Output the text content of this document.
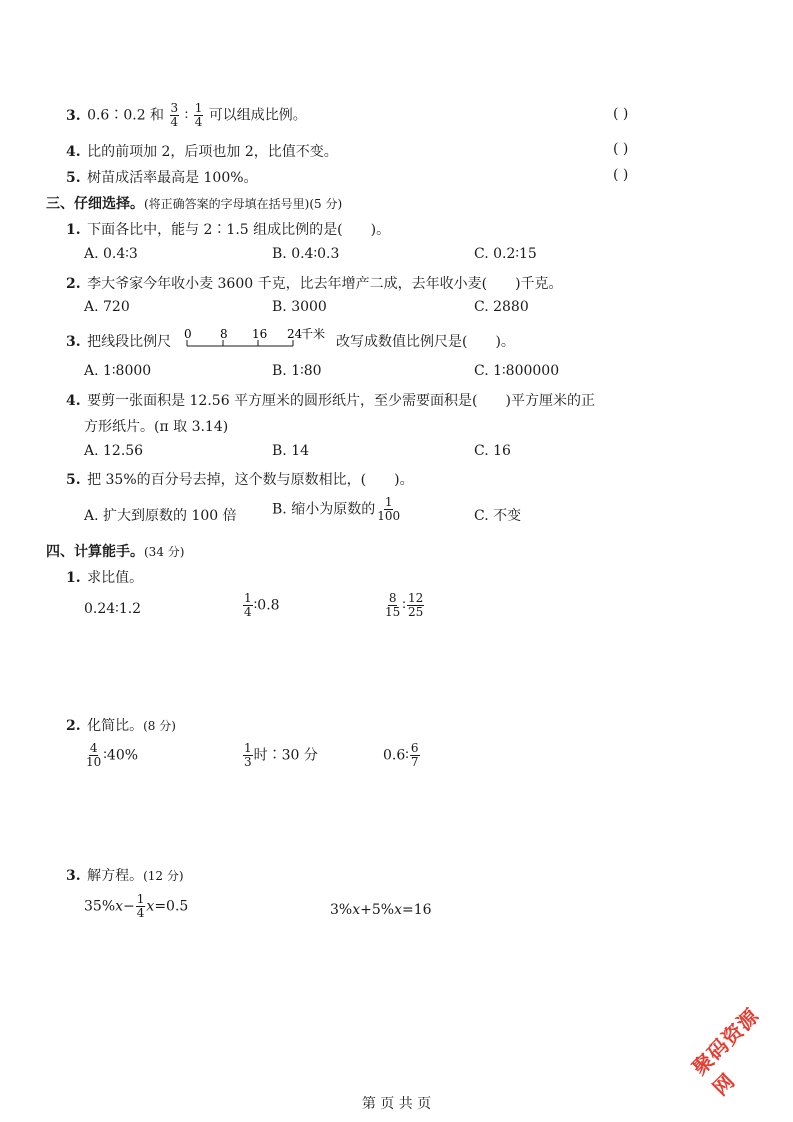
3. 0.6∶0.2 和 $\frac{3}{4}$ ∶ $\frac{1}{4}$ 可以组成比例。	( )
4. 比的前项加 2，后项也加 2，比值不变。	( )
5. 树苗成活率最高是 100%。	( )
三、仔细选择。(将正确答案的字母填在括号里)(5 分)
1. 下面各比中，能与 2∶1.5 组成比例的是(　　)。
A. 0.4∶3	B. 0.4∶0.3	C. 0.2∶15
2. 李大爷家今年收小麦 3600 千克，比去年增产二成，去年收小麦(　　)千克。
A. 720	B. 3000	C. 2880
3. 把线段比例尺 0 8 16 24
千米 改写成数值比例尺是(　　)。
A. 1∶8000	B. 1∶80	C. 1∶800000
4. 要剪一张面积是 12.56 平方厘米的圆形纸片，至少需要面积是(　　)平方厘米的正
方形纸片。(π 取 3.14)
A. 12.56	B. 14	C. 16
5. 把 35%的百分号去掉，这个数与原数相比，(　　)。
A. 扩大到原数的 100 倍	B. 缩小为原数的 $\frac{1}{100}$	C. 不变
四、计算能手。(34 分)
1. 求比值。
0.24∶1.2	$\frac{1}{4}$ ∶0.8	$\frac{8}{15}$ ∶ $\frac{12}{25}$
2. 化简比。(8 分)
$\frac{4}{10}$ ∶40%	$\frac{1}{3}$ 时∶30 分	0.6∶ $\frac{6}{7}$
3. 解方程。(12 分)
$35\%x- \frac{1}{4} x=0.5$	3%x+5%x=16
聚码资源网
第 页 共 页
